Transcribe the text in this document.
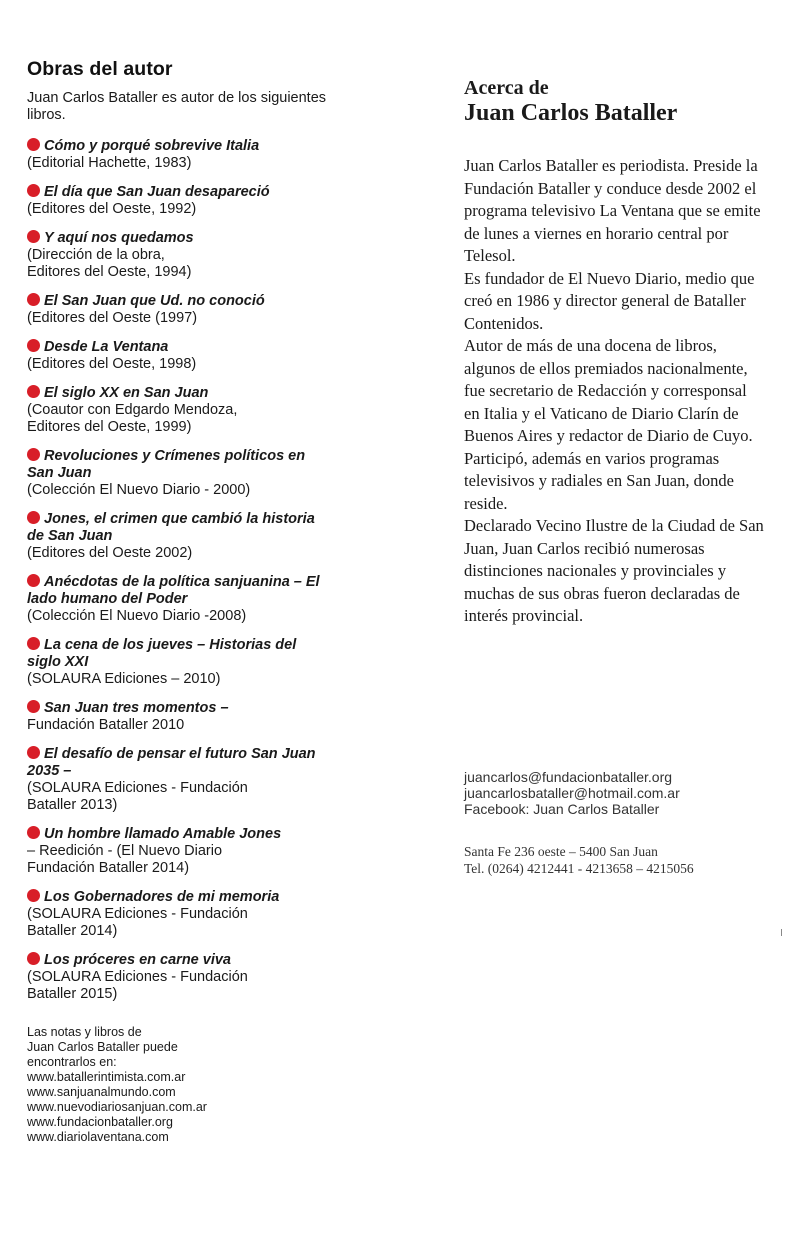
Obras del autor

Juan Carlos Bataller es autor de los siguientes libros.

Cómo y porqué sobrevive Italia
(Editorial Hachette, 1983)
El día que San Juan desapareció
(Editores del Oeste, 1992)
Y aquí nos quedamos
(Dirección de la obra,
Editores del Oeste, 1994)
El San Juan que Ud. no conoció
(Editores del Oeste (1997)
Desde La Ventana
(Editores del Oeste, 1998)
El siglo XX en San Juan
(Coautor con Edgardo Mendoza,
Editores del Oeste, 1999)
Revoluciones y Crímenes políticos en San Juan
(Colección El Nuevo Diario - 2000)
Jones, el crimen que cambió la historia de San Juan
(Editores del Oeste 2002)
Anécdotas de la política sanjuanina – El lado humano del Poder
(Colección El Nuevo Diario -2008)
La cena de los jueves – Historias del siglo XXI
(SOLAURA Ediciones – 2010)
San Juan tres momentos –
Fundación Bataller 2010
El desafío de pensar el futuro San Juan 2035 –
(SOLAURA Ediciones - Fundación
Bataller 2013)
Un hombre llamado Amable Jones
– Reedición - (El Nuevo Diario
Fundación Bataller 2014)
Los Gobernadores de mi memoria
(SOLAURA Ediciones - Fundación
Bataller 2014)
Los próceres en carne viva
(SOLAURA Ediciones - Fundación
Bataller 2015)
Las notas y libros de
Juan Carlos Bataller puede
encontrarlos en:
www.batallerintimista.com.ar
www.sanjuanalmundo.com
www.nuevodiariosanjuan.com.ar
www.fundacionbataller.org
www.diariolaventana.com

Acerca de

Juan Carlos Bataller

Juan Carlos Bataller es periodista. Preside la Fundación Bataller y conduce desde 2002 el programa televisivo La Ventana que se emite de lunes a viernes en horario central por Telesol.
Es fundador de El Nuevo Diario, medio que creó en 1986 y director general de Bataller Contenidos.
Autor de más de una docena de libros, algunos de ellos premiados nacionalmente, fue secretario de Redacción y corresponsal en Italia y el Vaticano de Diario Clarín de Buenos Aires y redactor de Diario de Cuyo.
Participó, además en varios programas televisivos y radiales en San Juan, donde reside.
Declarado Vecino Ilustre de la Ciudad de San Juan, Juan Carlos recibió numerosas distinciones nacionales y provinciales y muchas de sus obras fueron declaradas de interés provincial.
juancarlos@fundacionbataller.org
juancarlosbataller@hotmail.com.ar
Facebook: Juan Carlos Bataller
Santa Fe 236 oeste – 5400 San Juan
Tel. (0264) 4212441 - 4213658 – 4215056
